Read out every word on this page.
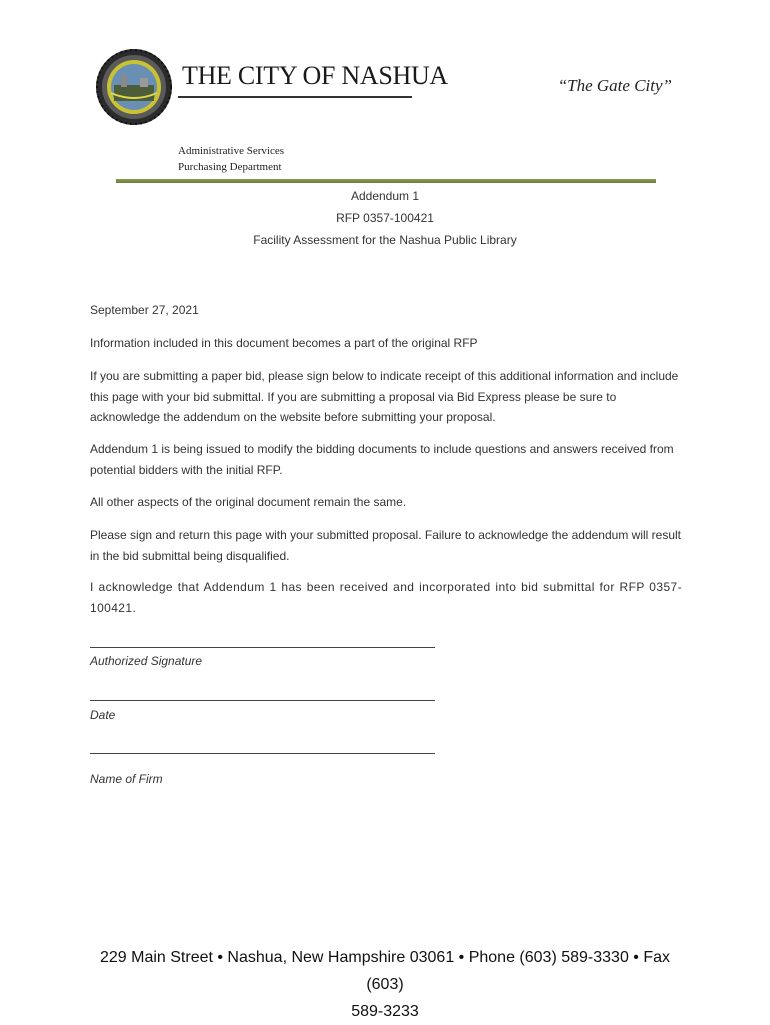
THE CITY OF NASHUA	“The Gate City”
Administrative Services
Purchasing Department
Addendum 1
RFP 0357-100421
Facility Assessment for the Nashua Public Library

September 27, 2021

Information included in this document becomes a part of the original RFP

If you are submitting a paper bid, please sign below to indicate receipt of this additional information and include this page with your bid submittal. If you are submitting a proposal via Bid Express please be sure to acknowledge the addendum on the website before submitting your proposal.

Addendum 1 is being issued to modify the bidding documents to include questions and answers received from potential bidders with the initial RFP.

All other aspects of the original document remain the same.

Please sign and return this page with your submitted proposal. Failure to acknowledge the addendum will result in the bid submittal being disqualified.

I acknowledge that Addendum 1 has been received and incorporated into bid submittal for RFP 0357-100421.

Authorized Signature
Date
Name of Firm
229 Main Street • Nashua, New Hampshire 03061 • Phone (603) 589-3330 • Fax (603)
589-3233
